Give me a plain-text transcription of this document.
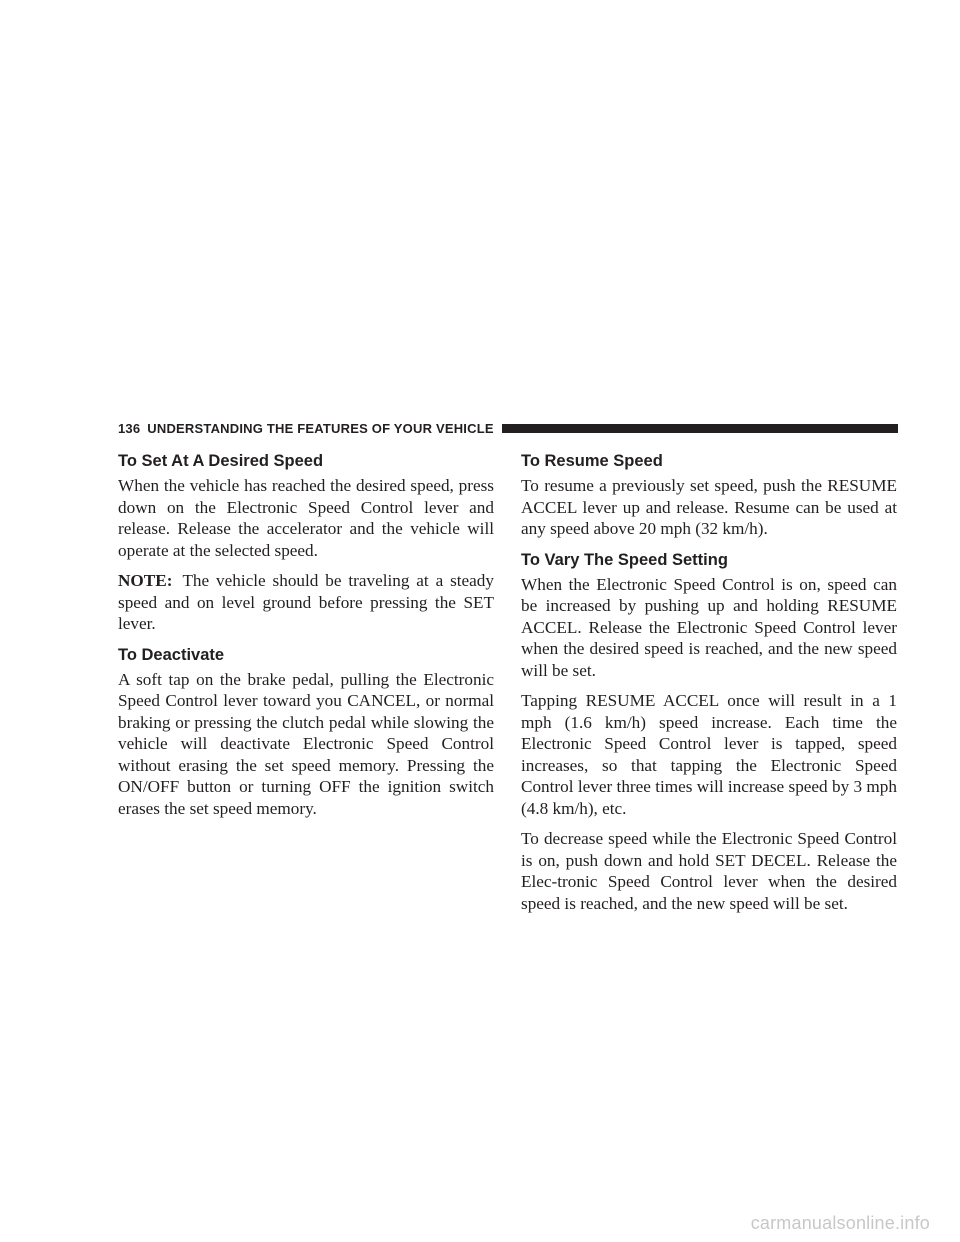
136 UNDERSTANDING THE FEATURES OF YOUR VEHICLE
To Set At A Desired Speed

When the vehicle has reached the desired speed, press down on the Electronic Speed Control lever and release. Release the accelerator and the vehicle will operate at the selected speed.

NOTE: The vehicle should be traveling at a steady speed and on level ground before pressing the SET lever.

To Deactivate

A soft tap on the brake pedal, pulling the Electronic Speed Control lever toward you CANCEL, or normal braking or pressing the clutch pedal while slowing the vehicle will deactivate Electronic Speed Control without erasing the set speed memory. Pressing the ON/OFF button or turning OFF the ignition switch erases the set speed memory.

To Resume Speed

To resume a previously set speed, push the RESUME ACCEL lever up and release. Resume can be used at any speed above 20 mph (32 km/h).

To Vary The Speed Setting

When the Electronic Speed Control is on, speed can be increased by pushing up and holding RESUME ACCEL. Release the Electronic Speed Control lever when the desired speed is reached, and the new speed will be set.

Tapping RESUME ACCEL once will result in a 1 mph (1.6 km/h) speed increase. Each time the Electronic Speed Control lever is tapped, speed increases, so that tapping the Electronic Speed Control lever three times will increase speed by 3 mph (4.8 km/h), etc.

To decrease speed while the Electronic Speed Control is on, push down and hold SET DECEL. Release the Elec-tronic Speed Control lever when the desired speed is reached, and the new speed will be set.

carmanualsonline.info
